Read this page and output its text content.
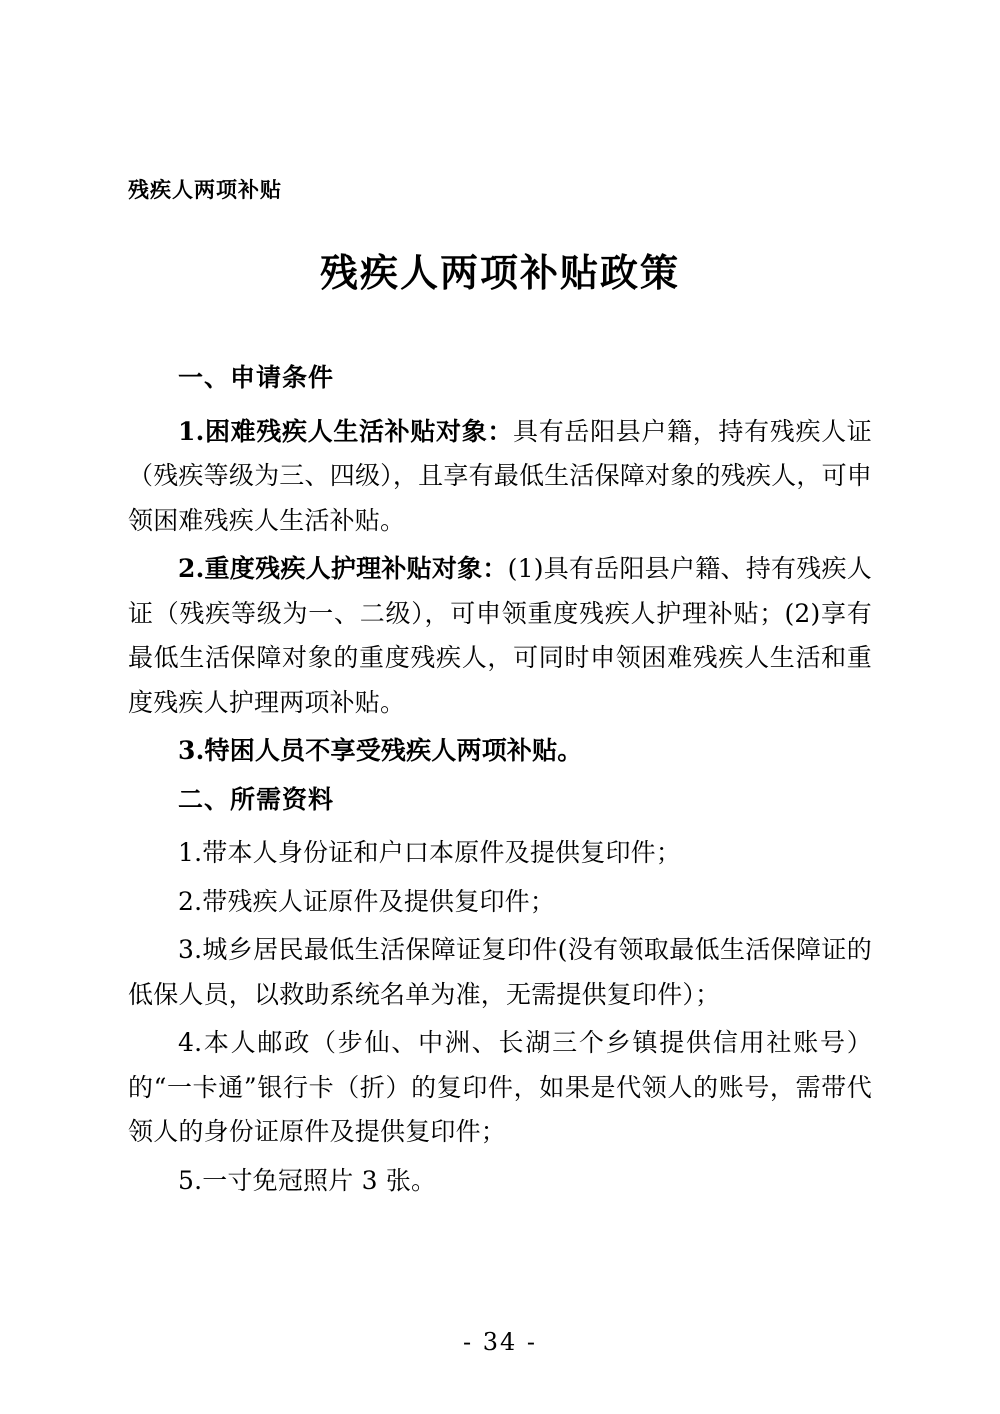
残疾人两项补贴
残疾人两项补贴政策
一、申请条件

1.困难残疾人生活补贴对象：具有岳阳县户籍，持有残疾人证（残疾等级为三、四级），且享有最低生活保障对象的残疾人，可申领困难残疾人生活补贴。

2.重度残疾人护理补贴对象：(1)具有岳阳县户籍、持有残疾人证（残疾等级为一、二级），可申领重度残疾人护理补贴；(2)享有最低生活保障对象的重度残疾人，可同时申领困难残疾人生活和重度残疾人护理两项补贴。

3.特困人员不享受残疾人两项补贴。

二、所需资料

1.带本人身份证和户口本原件及提供复印件；

2.带残疾人证原件及提供复印件；

3.城乡居民最低生活保障证复印件(没有领取最低生活保障证的低保人员，以救助系统名单为准，无需提供复印件）；

4.本人邮政（步仙、中洲、长湖三个乡镇提供信用社账号）的“一卡通”银行卡（折）的复印件，如果是代领人的账号，需带代领人的身份证原件及提供复印件；

5.一寸免冠照片 3 张。

- 34 -
